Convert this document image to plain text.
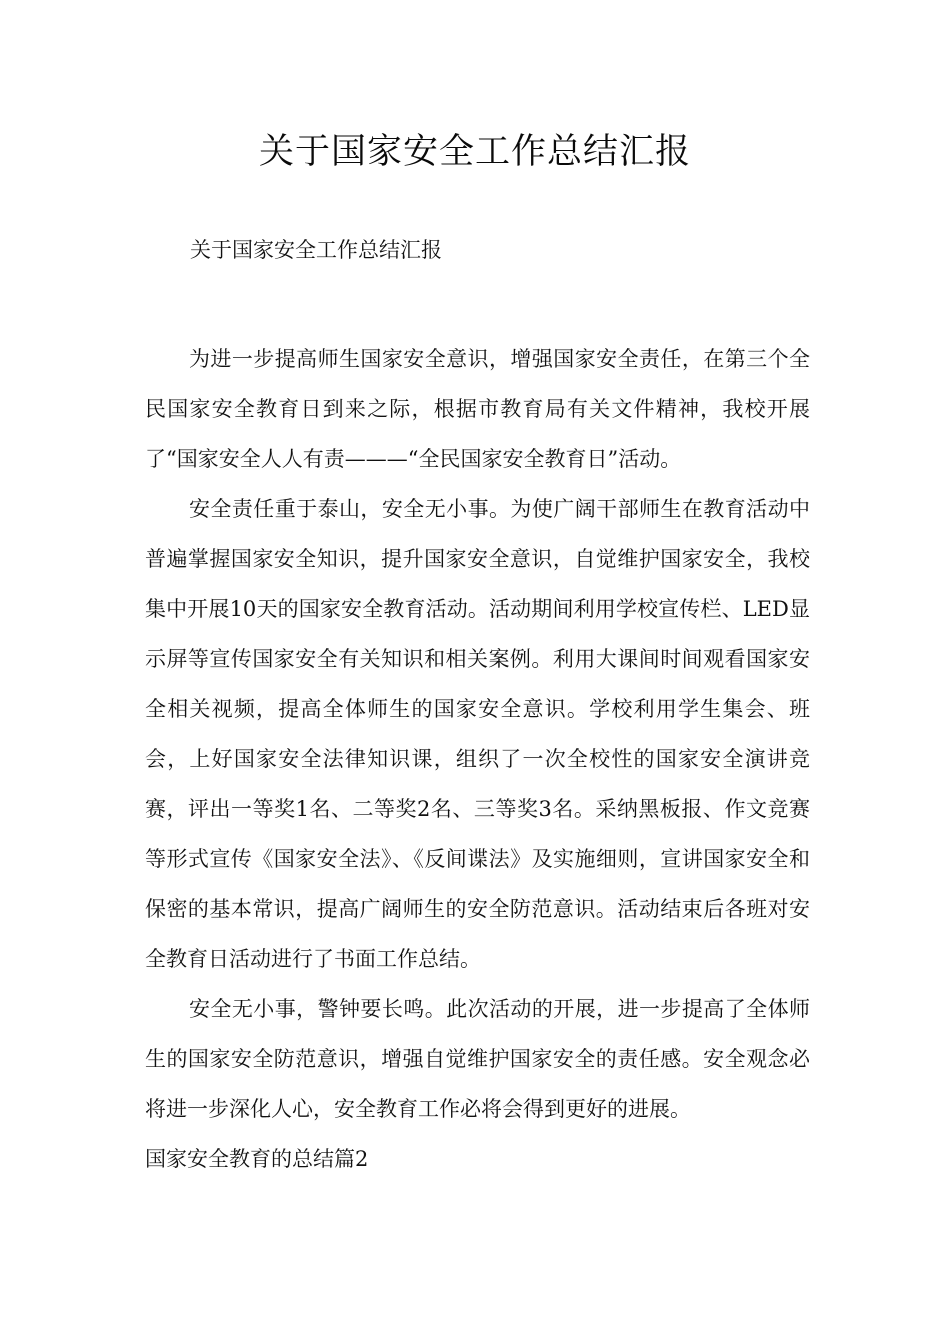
关于国家安全工作总结汇报
关于国家安全工作总结汇报

为进一步提高师生国家安全意识，增强国家安全责任，在第三个全民国家安全教育日到来之际，根据市教育局有关文件精神，我校开展了“国家安全人人有责———“全民国家安全教育日”活动。

安全责任重于泰山，安全无小事。为使广阔干部师生在教育活动中普遍掌握国家安全知识，提升国家安全意识，自觉维护国家安全，我校集中开展10天的国家安全教育活动。活动期间利用学校宣传栏、LED显示屏等宣传国家安全有关知识和相关案例。利用大课间时间观看国家安全相关视频，提高全体师生的国家安全意识。学校利用学生集会、班会，上好国家安全法律知识课，组织了一次全校性的国家安全演讲竞赛，评出一等奖1名、二等奖2名、三等奖3名。采纳黑板报、作文竞赛等形式宣传《国家安全法》、《反间谍法》及实施细则，宣讲国家安全和保密的基本常识，提高广阔师生的安全防范意识。活动结束后各班对安全教育日活动进行了书面工作总结。

安全无小事，警钟要长鸣。此次活动的开展，进一步提高了全体师生的国家安全防范意识，增强自觉维护国家安全的责任感。安全观念必将进一步深化人心，安全教育工作必将会得到更好的进展。

国家安全教育的总结篇2
